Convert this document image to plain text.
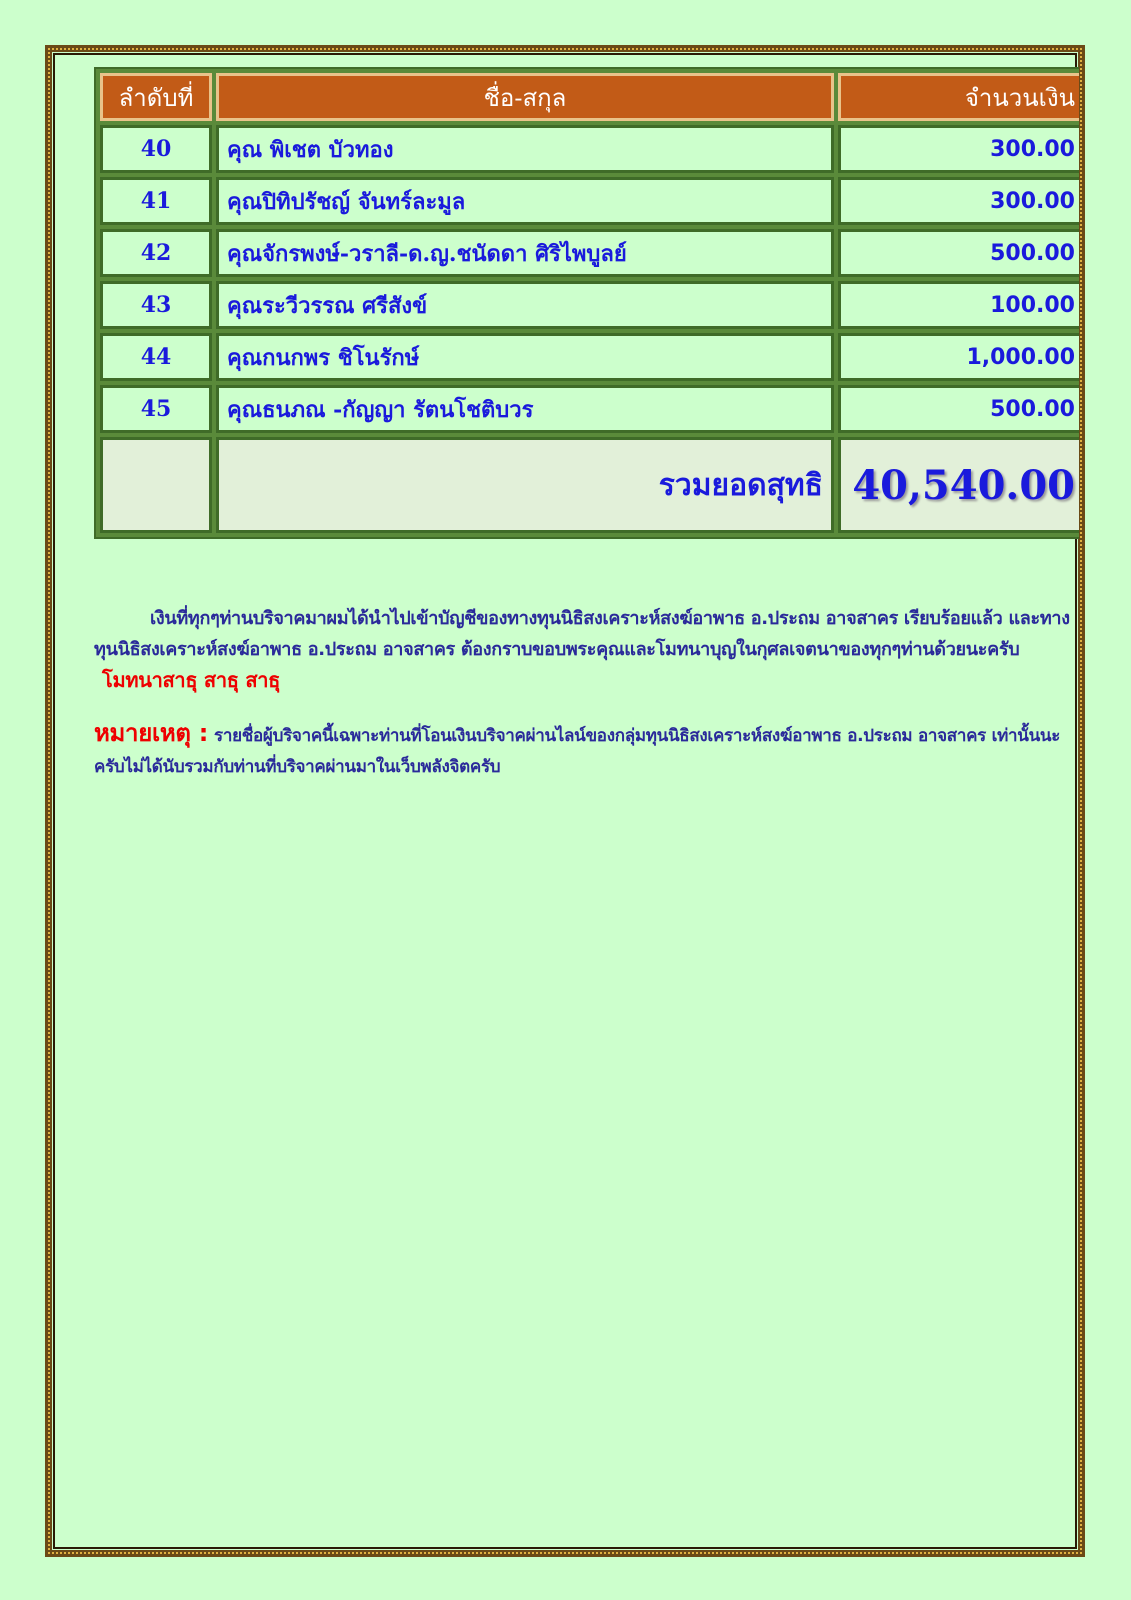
ลำดับที่	ชื่อ-สกุล	จำนวนเงิน
40	คุณ พิเชต บัวทอง	300.00
41	คุณปิทิปรัชญ์ จันทร์ละมูล	300.00
42	คุณจักรพงษ์-วราลี-ด.ญ.ชนัดดา ศิริไพบูลย์	500.00
43	คุณระวีวรรณ ศรีสังข์	100.00
44	คุณกนกพร ชิโนรักษ์	1,000.00
45	คุณธนภณ -กัญญา รัตนโชติบวร	500.00
	รวมยอดสุทธิ	40,540.00
เงินที่ทุกๆท่านบริจาคมาผมได้นำไปเข้าบัญชีของทางทุนนิธิสงเคราะห์สงฆ์อาพาธ อ.ประถม อาจสาคร เรียบร้อยแล้ว และทางทุนนิธิสงเคราะห์สงฆ์อาพาธ อ.ประถม อาจสาคร ต้องกราบขอบพระคุณและโมทนาบุญในกุศลเจตนาของทุกๆท่านด้วยนะครับโมทนาสาธุ สาธุ สาธุ
หมายเหตุ : รายชื่อผู้บริจาคนี้เฉพาะท่านที่โอนเงินบริจาคผ่านไลน์ของกลุ่มทุนนิธิสงเคราะห์สงฆ์อาพาธ อ.ประถม อาจสาคร เท่านั้นนะครับไม่ได้นับรวมกับท่านที่บริจาคผ่านมาในเว็บพลังจิตครับ
